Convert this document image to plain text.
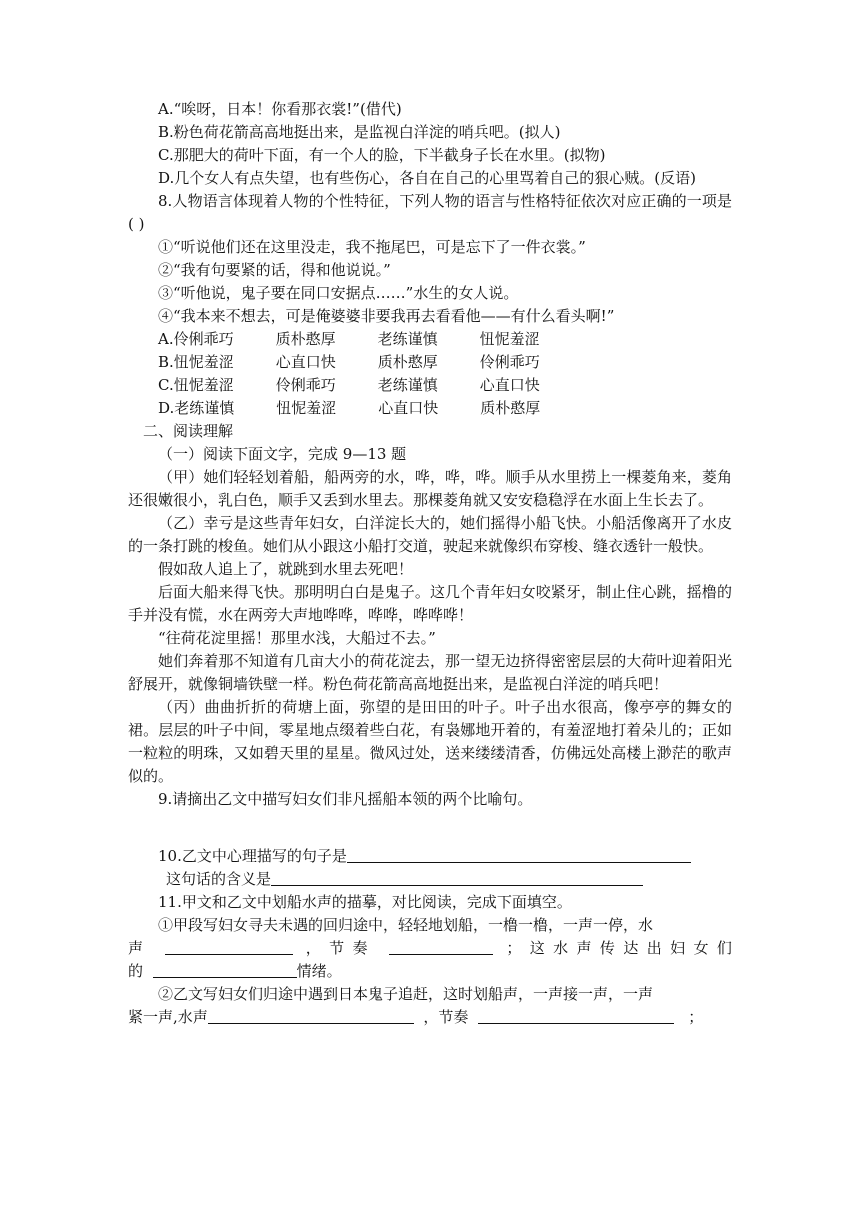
A.“唉呀，日本！你看那衣裳!”(借代)

B.粉色荷花箭高高地挺出来，是监视白洋淀的哨兵吧。(拟人)

C.那肥大的荷叶下面，有一个人的脸，下半截身子长在水里。(拟物)

D.几个女人有点失望，也有些伤心，各自在自己的心里骂着自己的狠心贼。(反语)

8.人物语言体现着人物的个性特征，下列人物的语言与性格特征依次对应正确的一项是( )

①“听说他们还在这里没走，我不拖尾巴，可是忘下了一件衣裳。”

②“我有句要紧的话，得和他说说。”

③“听他说，鬼子要在同口安据点……”水生的女人说。

④“我本来不想去，可是俺婆婆非要我再去看看他——有什么看头啊!”

A.伶俐乖巧	质朴憨厚	老练谨慎	忸怩羞涩

B.忸怩羞涩	心直口快	质朴憨厚	伶俐乖巧

C.忸怩羞涩	伶俐乖巧	老练谨慎	心直口快

D.老练谨慎	忸怩羞涩	心直口快	质朴憨厚

二、阅读理解

（一）阅读下面文字，完成 9—13 题

（甲）她们轻轻划着船，船两旁的水，哗，哗，哗。顺手从水里捞上一棵菱角来，菱角还很嫩很小，乳白色，顺手又丢到水里去。那棵菱角就又安安稳稳浮在水面上生长去了。

（乙）幸亏是这些青年妇女，白洋淀长大的，她们摇得小船飞快。小船活像离开了水皮的一条打跳的梭鱼。她们从小跟这小船打交道，驶起来就像织布穿梭、缝衣透针一般快。

假如敌人追上了，就跳到水里去死吧！

后面大船来得飞快。那明明白白是鬼子。这几个青年妇女咬紧牙，制止住心跳，摇橹的手并没有慌，水在两旁大声地哗哗，哗哗，哗哗哗！

“往荷花淀里摇！那里水浅，大船过不去。”

她们奔着那不知道有几亩大小的荷花淀去，那一望无边挤得密密层层的大荷叶迎着阳光舒展开，就像铜墙铁壁一样。粉色荷花箭高高地挺出来，是监视白洋淀的哨兵吧！

（丙）曲曲折折的荷塘上面，弥望的是田田的叶子。叶子出水很高，像亭亭的舞女的裙。层层的叶子中间，零星地点缀着些白花，有袅娜地开着的，有羞涩地打着朵儿的；正如一粒粒的明珠，又如碧天里的星星。微风过处，送来缕缕清香，仿佛远处高楼上渺茫的歌声似的。

9.请摘出乙文中描写妇女们非凡摇船本领的两个比喻句。

10.乙文中心理描写的句子是

这句话的含义是

11.甲文和乙文中划船水声的描摹，对比阅读，完成下面填空。

①甲段写妇女寻夫未遇的回归途中，轻轻地划船，一橹一橹，一声一停，水

声	，节奏	；这水声传达出妇女们

的	情绪。

②乙文写妇女们归途中遇到日本鬼子追赶，这时划船声，一声接一声，一声

紧一声,水声	，节奏	；
